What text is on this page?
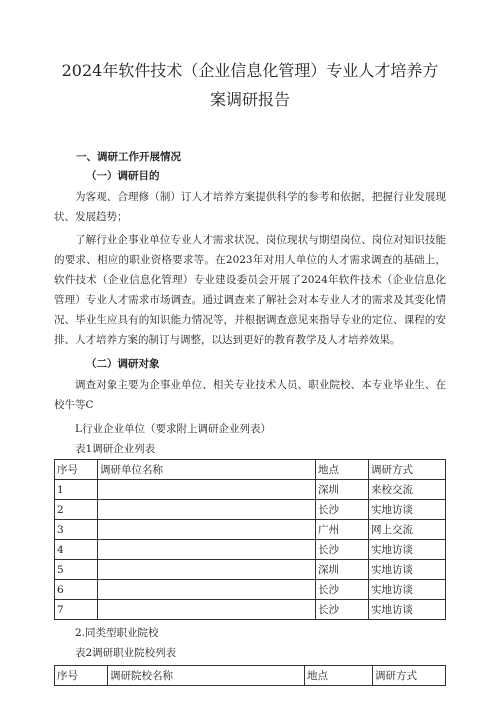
2024年软件技术（企业信息化管理）专业人才培养方
案调研报告
一、调研工作开展情况
（一）调研目的

为客观、合理修（制）订人才培养方案提供科学的参考和依据，把握行业发展现状、发展趋势；

了解行业企事业单位专业人才需求状况、岗位现状与期望岗位、岗位对知识技能的要求、相应的职业资格要求等。在2023年对用人单位的人才需求调查的基础上，软件技术（企业信息化管理）专业建设委员会开展了2024年软件技术（企业信息化管理）专业人才需求市场调查。通过调查来了解社会对本专业人才的需求及其变化情况、毕业生应具有的知识能力情况等，并根据调查意见来指导专业的定位、课程的安排、人才培养方案的制订与调整，以达到更好的教育教学及人才培养效果。

（二）调研对象

调查对象主要为企事业单位、相关专业技术人员、职业院校、本专业毕业生、在校牛等C

L行业企业单位（要求附上调研企业列表）

表1调研企业列表

序号	调研单位名称	地点	调研方式
1		深圳	来校交流
2		长沙	实地访谈
3		广州	网上交流
4		长沙	实地访谈
5		深圳	实地访谈
6		长沙	实地访谈
7		长沙	实地访谈

2.同类型职业院校

表2调研职业院校列表

序号	调研院校名称	地点	调研方式
